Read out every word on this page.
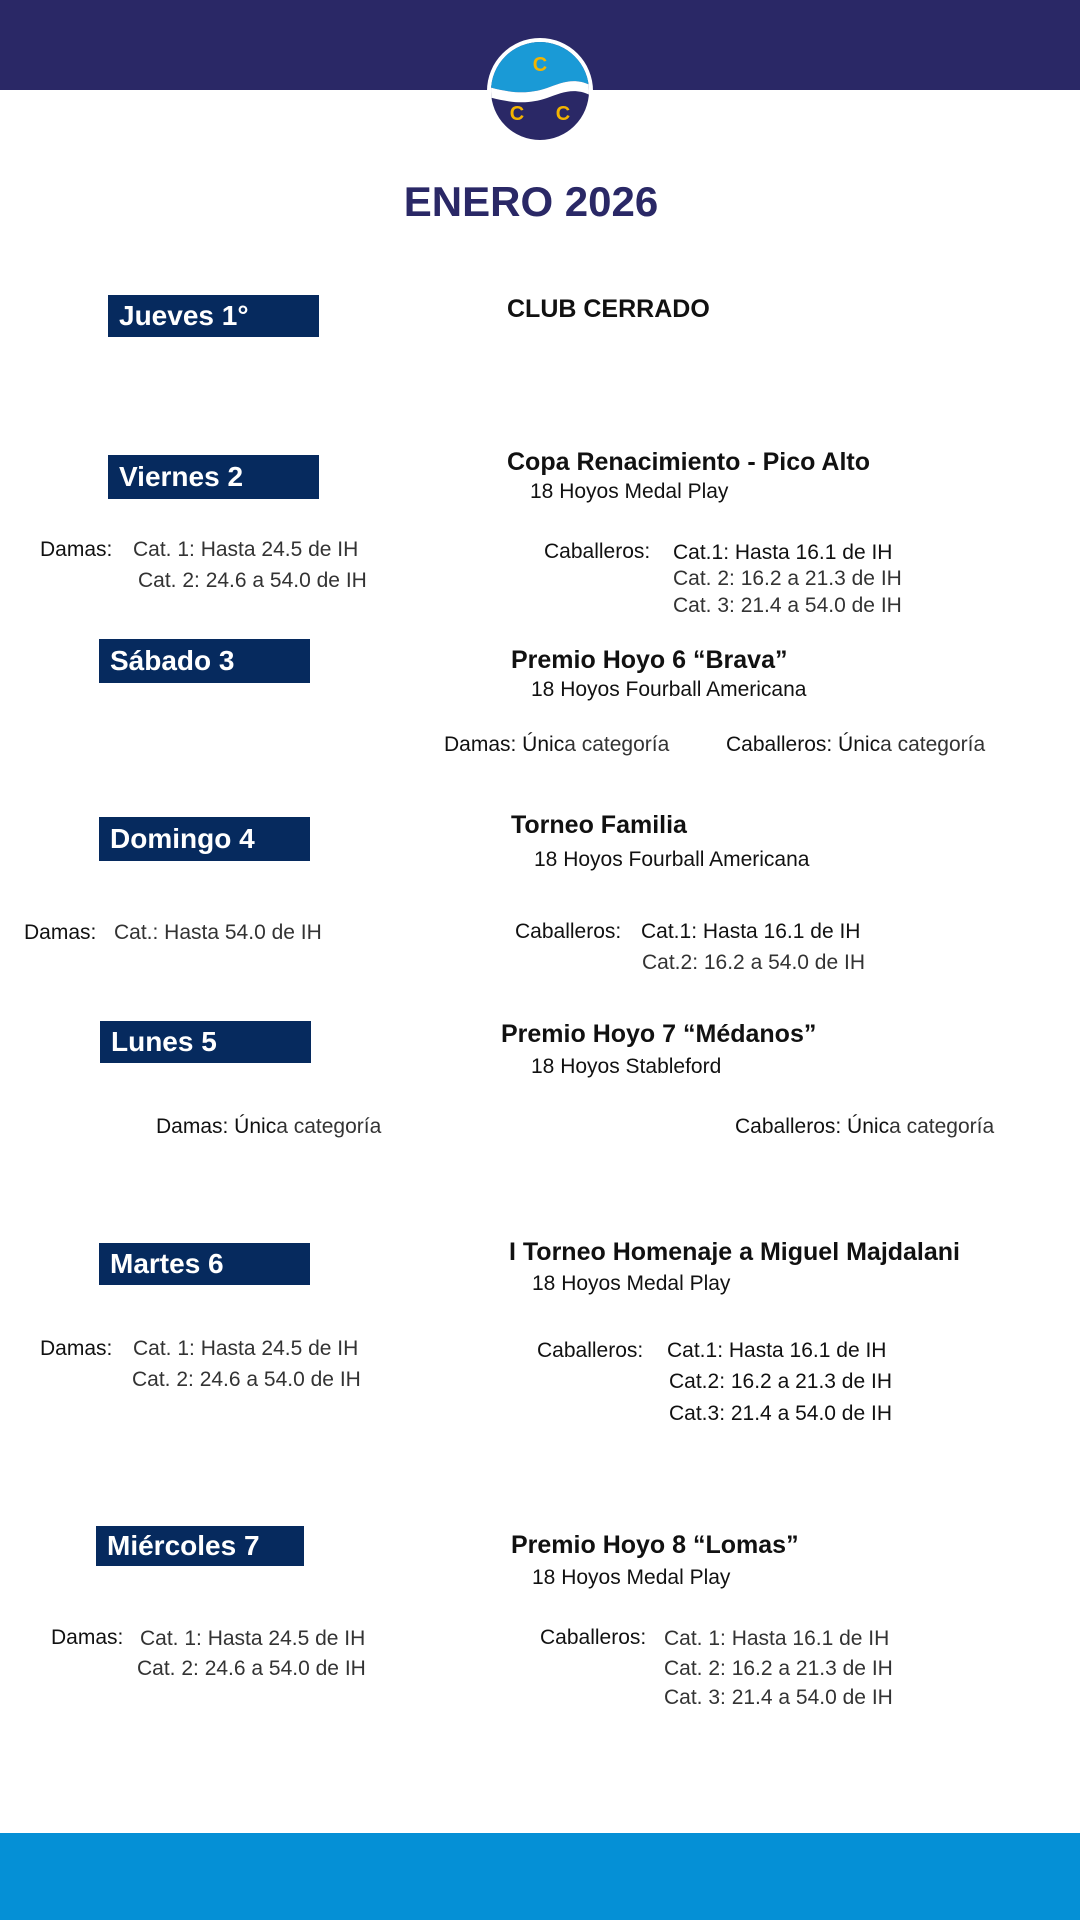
C
C C
ENERO 2026
Jueves 1°	CLUB CERRADO
Viernes 2	Copa Renacimiento - Pico Alto
18 Hoyos Medal Play
Damas: Cat. 1: Hasta 24.5 de IH
Cat. 2: 24.6 a 54.0 de IH
Caballeros: Cat.1: Hasta 16.1 de IH
Cat. 2: 16.2 a 21.3 de IH
Cat. 3: 21.4 a 54.0 de IH
Sábado 3	Premio Hoyo 6 “Brava”
18 Hoyos Fourball Americana
Damas: Única categoría	Caballeros: Única categoría
Domingo 4	Torneo Familia
18 Hoyos Fourball Americana
Damas: Cat.: Hasta 54.0 de IH	Caballeros: Cat.1: Hasta 16.1 de IH
Cat.2: 16.2 a 54.0 de IH
Lunes 5	Premio Hoyo 7 “Médanos”
18 Hoyos Stableford
Damas: Única categoría	Caballeros: Única categoría
Martes 6	I Torneo Homenaje a Miguel Majdalani
18 Hoyos Medal Play
Damas: Cat. 1: Hasta 24.5 de IH
Cat. 2: 24.6 a 54.0 de IH
Caballeros: Cat.1: Hasta 16.1 de IH
Cat.2: 16.2 a 21.3 de IH
Cat.3: 21.4 a 54.0 de IH
Miércoles 7	Premio Hoyo 8 “Lomas”
18 Hoyos Medal Play
Damas: Cat. 1: Hasta 24.5 de IH
Cat. 2: 24.6 a 54.0 de IH
Caballeros: Cat. 1: Hasta 16.1 de IH
Cat. 2: 16.2 a 21.3 de IH
Cat. 3: 21.4 a 54.0 de IH
